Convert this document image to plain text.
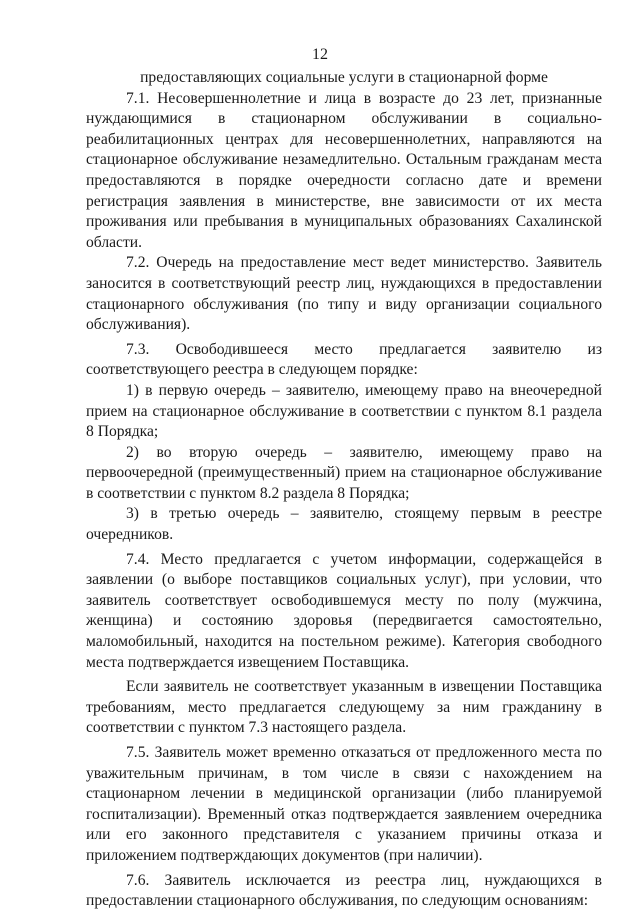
12

предоставляющих социальные услуги в стационарной форме

7.1. Несовершеннолетние и лица в возрасте до 23 лет, признанные нуждающимися в стационарном обслуживании в социально-реабилитационных центрах для несовершеннолетних, направляются на стационарное обслуживание незамедлительно. Остальным гражданам места предоставляются в порядке очередности согласно дате и времени регистрация заявления в министерстве, вне зависимости от их места проживания или пребывания в муниципальных образованиях Сахалинской области.

7.2. Очередь на предоставление мест ведет министерство. Заявитель заносится в соответствующий реестр лиц, нуждающихся в предоставлении стационарного обслуживания (по типу и виду организации социального обслуживания).

7.3. Освободившееся место предлагается заявителю из соответствующего реестра в следующем порядке:

1) в первую очередь – заявителю, имеющему право на внеочередной прием на стационарное обслуживание в соответствии с пунктом 8.1 раздела 8 Порядка;

2) во вторую очередь – заявителю, имеющему право на первоочередной (преимущественный) прием на стационарное обслуживание в соответствии с пунктом 8.2 раздела 8 Порядка;

3) в третью очередь – заявителю, стоящему первым в реестре очередников.

7.4. Место предлагается с учетом информации, содержащейся в заявлении (о выборе поставщиков социальных услуг), при условии, что заявитель соответствует освободившемуся месту по полу (мужчина, женщина) и состоянию здоровья (передвигается самостоятельно, маломобильный, находится на постельном режиме). Категория свободного места подтверждается извещением Поставщика.

Если заявитель не соответствует указанным в извещении Поставщика требованиям, место предлагается следующему за ним гражданину в соответствии с пунктом 7.3 настоящего раздела.

7.5. Заявитель может временно отказаться от предложенного места по уважительным причинам, в том числе в связи с нахождением на стационарном лечении в медицинской организации (либо планируемой госпитализации). Временный отказ подтверждается заявлением очередника или его законного представителя с указанием причины отказа и приложением подтверждающих документов (при наличии).

7.6. Заявитель исключается из реестра лиц, нуждающихся в предоставлении стационарного обслуживания, по следующим основаниям:
